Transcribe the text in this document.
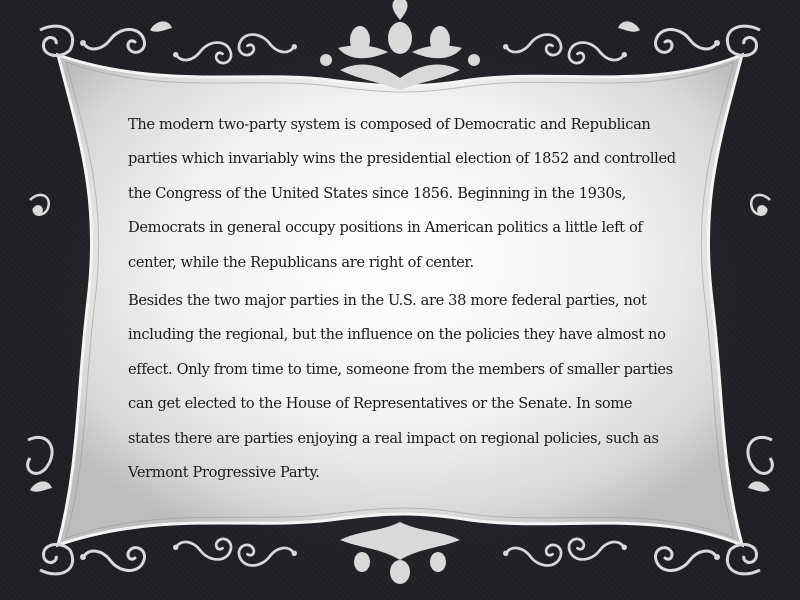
The modern two-party system is composed of Democratic and Republican parties which invariably wins the presidential election of 1852 and controlled the Congress of the United States since 1856. Beginning in the 1930s, Democrats in general occupy positions in American politics a little left of center, while the Republicans are right of center.

Besides the two major parties in the U.S. are 38 more federal parties, not including the regional, but the influence on the policies they have almost no effect. Only from time to time, someone from the members of smaller parties can get elected to the House of Representatives or the Senate. In some states there are parties enjoying a real impact on regional policies, such as Vermont Progressive Party.
